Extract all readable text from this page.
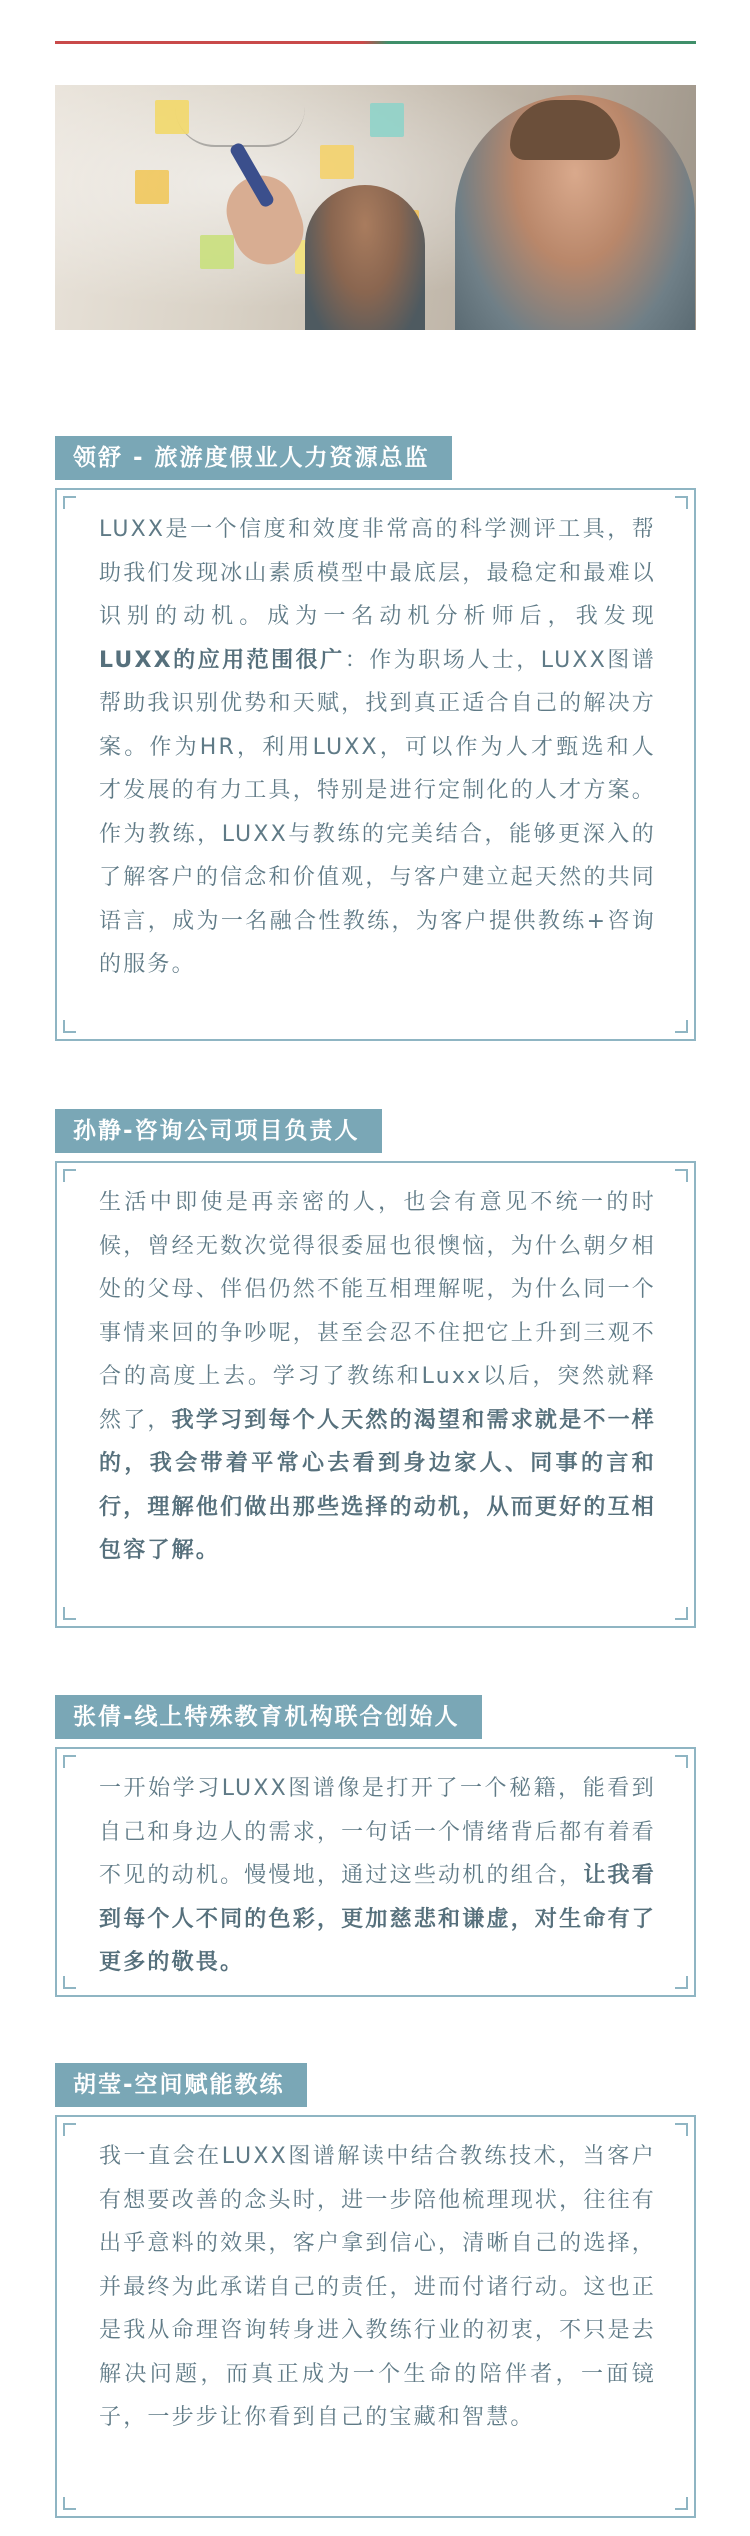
领舒 - 旅游度假业人力资源总监

LUXX是一个信度和效度非常高的科学测评工具，帮助我们发现冰山素质模型中最底层，最稳定和最难以识别的动机。成为一名动机分析师后，我发现LUXX的应用范围很广：作为职场人士，LUXX图谱帮助我识别优势和天赋，找到真正适合自己的解决方案。作为HR，利用LUXX，可以作为人才甄选和人才发展的有力工具，特别是进行定制化的人才方案。作为教练，LUXX与教练的完美结合，能够更深入的了解客户的信念和价值观，与客户建立起天然的共同语言，成为一名融合性教练，为客户提供教练+咨询的服务。

孙静-咨询公司项目负责人

生活中即使是再亲密的人，也会有意见不统一的时候，曾经无数次觉得很委屈也很懊恼，为什么朝夕相处的父母、伴侣仍然不能互相理解呢，为什么同一个事情来回的争吵呢，甚至会忍不住把它上升到三观不合的高度上去。学习了教练和Luxx以后，突然就释然了，我学习到每个人天然的渴望和需求就是不一样的，我会带着平常心去看到身边家人、同事的言和行，理解他们做出那些选择的动机，从而更好的互相包容了解。

张倩-线上特殊教育机构联合创始人

一开始学习LUXX图谱像是打开了一个秘籍，能看到自己和身边人的需求，一句话一个情绪背后都有着看不见的动机。慢慢地，通过这些动机的组合，让我看到每个人不同的色彩，更加慈悲和谦虚，对生命有了更多的敬畏。

胡莹-空间赋能教练

我一直会在LUXX图谱解读中结合教练技术，当客户有想要改善的念头时，进一步陪他梳理现状，往往有出乎意料的效果，客户拿到信心，清晰自己的选择，并最终为此承诺自己的责任，进而付诸行动。这也正是我从命理咨询转身进入教练行业的初衷，不只是去解决问题，而真正成为一个生命的陪伴者，一面镜子，一步步让你看到自己的宝藏和智慧。
